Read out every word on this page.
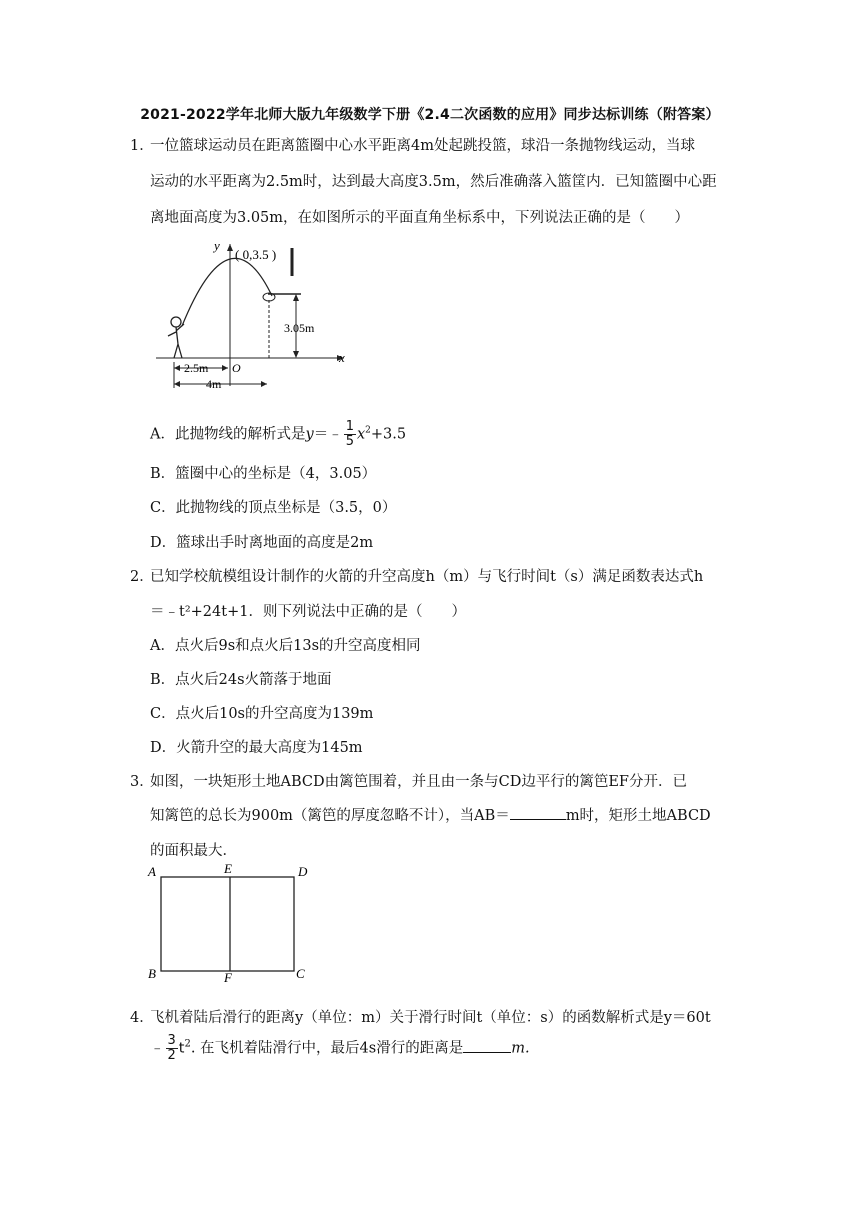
2021-2022学年北师大版九年级数学下册《2.4二次函数的应用》同步达标训练（附答案）
1．
一位篮球运动员在距离篮圈中心水平距离4m处起跳投篮，球沿一条抛物线运动，当球
运动的水平距离为2.5m时，达到最大高度3.5m，然后准确落入篮筐内．已知篮圈中心距
离地面高度为3.05m，在如图所示的平面直角坐标系中，下列说法正确的是（　　）
y
x
O
( 0,3.5 )
3.05m
2.5m
4m
A．此抛物线的解析式是y＝﹣ $\frac{1}{5} x^2+3.5$
B．篮圈中心的坐标是（4，3.05）
C．此抛物线的顶点坐标是（3.5，0）
D．篮球出手时离地面的高度是2m
2．
已知学校航模组设计制作的火箭的升空高度h（m）与飞行时间t（s）满足函数表达式h
＝﹣t²+24t+1．则下列说法中正确的是（　　）
A．点火后9s和点火后13s的升空高度相同
B．点火后24s火箭落于地面
C．点火后10s的升空高度为139m
D．火箭升空的最大高度为145m
3．
如图，一块矩形土地ABCD由篱笆围着，并且由一条与CD边平行的篱笆EF分开．已
知篱笆的总长为900m（篱笆的厚度忽略不计），当AB＝	m时，矩形土地ABCD
的面积最大．
A	E	D
B	F	C
4．
飞机着陆后滑行的距离y（单位：m）关于滑行时间t（单位：s）的函数解析式是y＝60t
﹣ $\frac{3}{2} t^2$. 在飞机着陆滑行中，最后4s滑行的距离是	m.
